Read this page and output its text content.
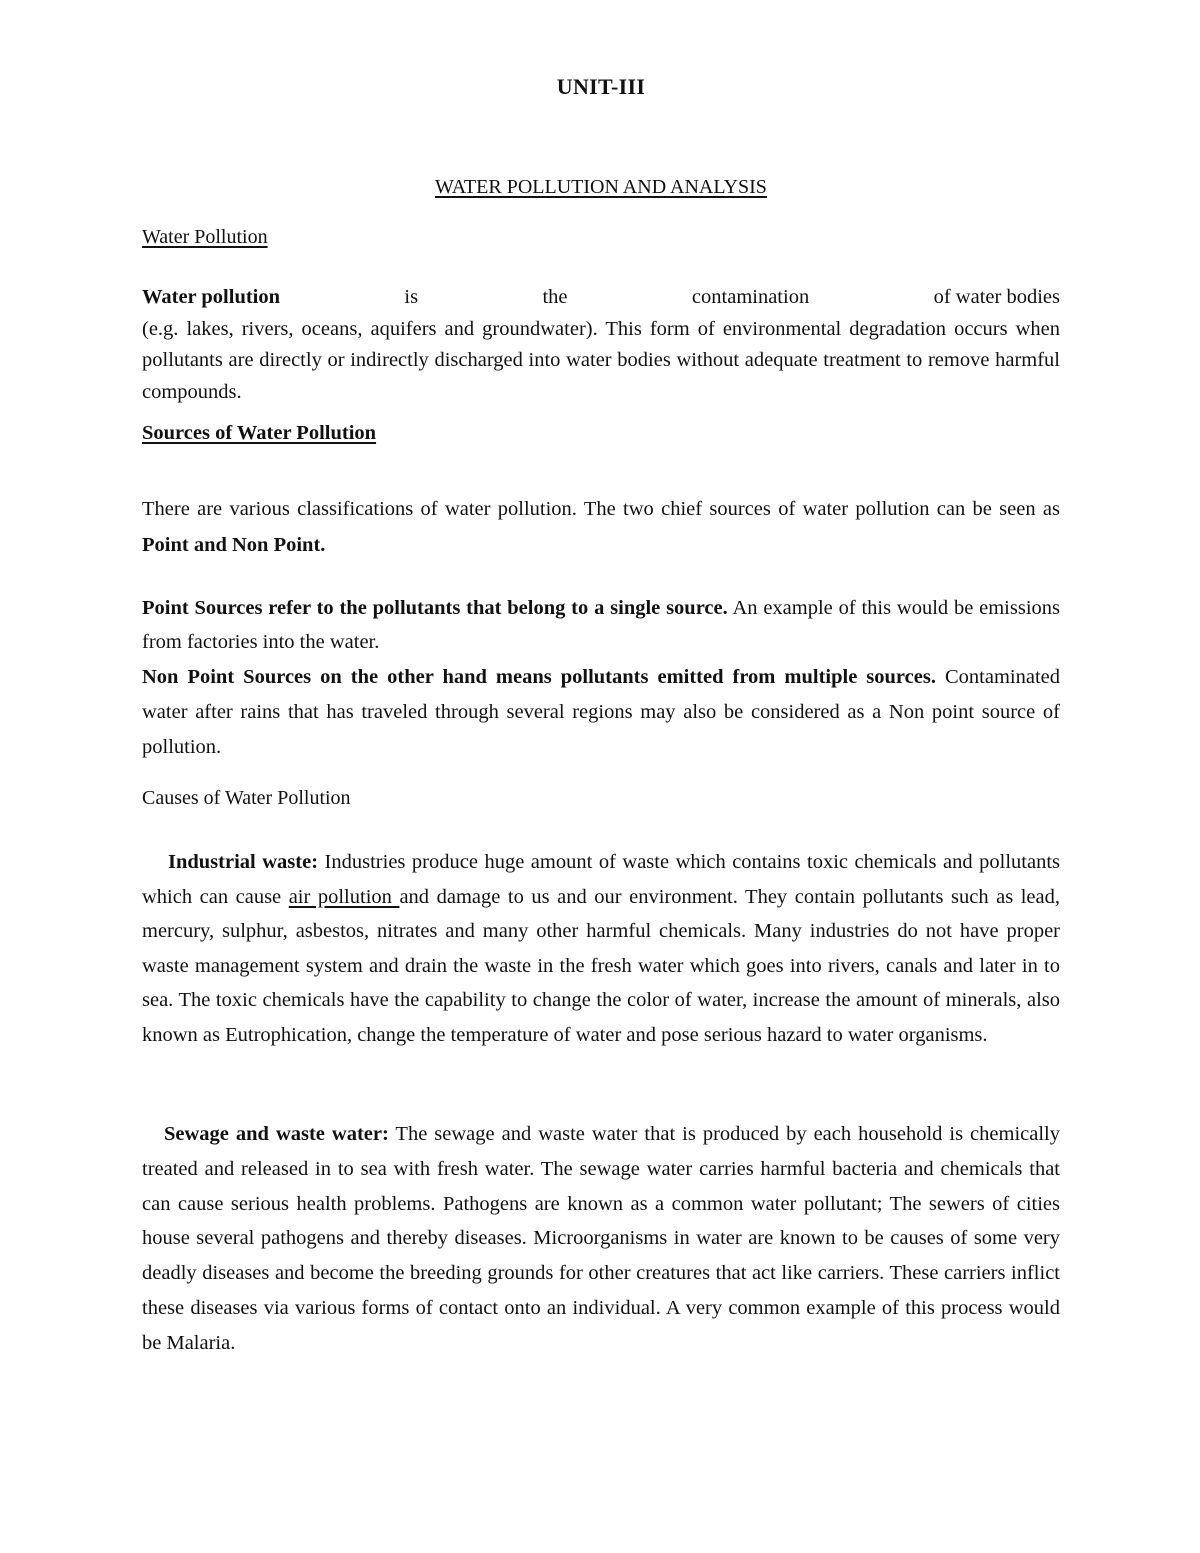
UNIT-III
WATER POLLUTION AND ANALYSIS
Water Pollution
Water pollution	is	the	contamination	of water bodies
(e.g. lakes, rivers, oceans, aquifers and groundwater). This form of environmental degradation occurs when pollutants are directly or indirectly discharged into water bodies without adequate treatment to remove harmful compounds.
Sources of Water Pollution

There are various classifications of water pollution. The two chief sources of water pollution can be seen as Point and Non Point.

Point Sources refer to the pollutants that belong to a single source. An example of this would be emissions from factories into the water.

Non Point Sources on the other hand means pollutants emitted from multiple sources. Contaminated water after rains that has traveled through several regions may also be considered as a Non point source of pollution.

Causes of Water Pollution

Industrial waste: Industries produce huge amount of waste which contains toxic chemicals and pollutants which can cause air pollution and damage to us and our environment. They contain pollutants such as lead, mercury, sulphur, asbestos, nitrates and many other harmful chemicals. Many industries do not have proper waste management system and drain the waste in the fresh water which goes into rivers, canals and later in to sea. The toxic chemicals have the capability to change the color of water, increase the amount of minerals, also known as Eutrophication, change the temperature of water and pose serious hazard to water organisms.

Sewage and waste water: The sewage and waste water that is produced by each household is chemically treated and released in to sea with fresh water. The sewage water carries harmful bacteria and chemicals that can cause serious health problems. Pathogens are known as a common water pollutant; The sewers of cities house several pathogens and thereby diseases. Microorganisms in water are known to be causes of some very deadly diseases and become the breeding grounds for other creatures that act like carriers. These carriers inflict these diseases via various forms of contact onto an individual. A very common example of this process would be Malaria.
